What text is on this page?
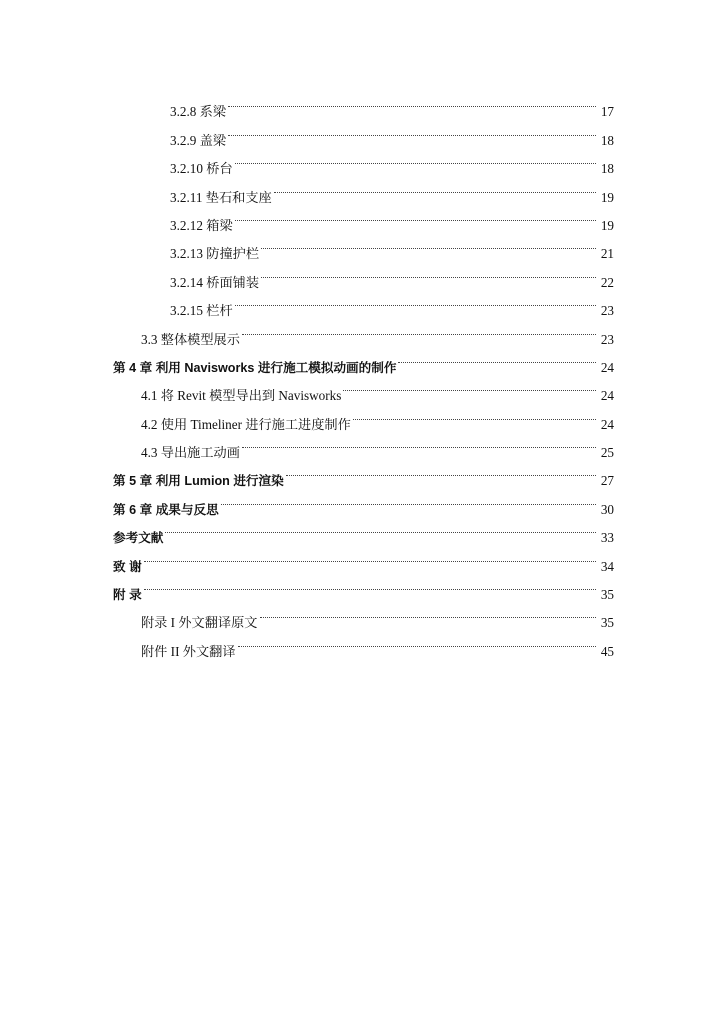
3.2.8 系梁	17
3.2.9 盖梁	18
3.2.10 桥台	18
3.2.11 垫石和支座	19
3.2.12 箱梁	19
3.2.13 防撞护栏	21
3.2.14 桥面铺装	22
3.2.15 栏杆	23
3.3 整体模型展示	23
第 4 章 利用 Navisworks 进行施工模拟动画的制作	24
4.1 将 Revit 模型导出到 Navisworks	24
4.2 使用 Timeliner 进行施工进度制作	24
4.3 导出施工动画	25
第 5 章 利用 Lumion 进行渲染	27
第 6 章 成果与反思	30
参考文献	33
致 谢	34
附 录	35
附录 I 外文翻译原文	35
附件 II 外文翻译	45
